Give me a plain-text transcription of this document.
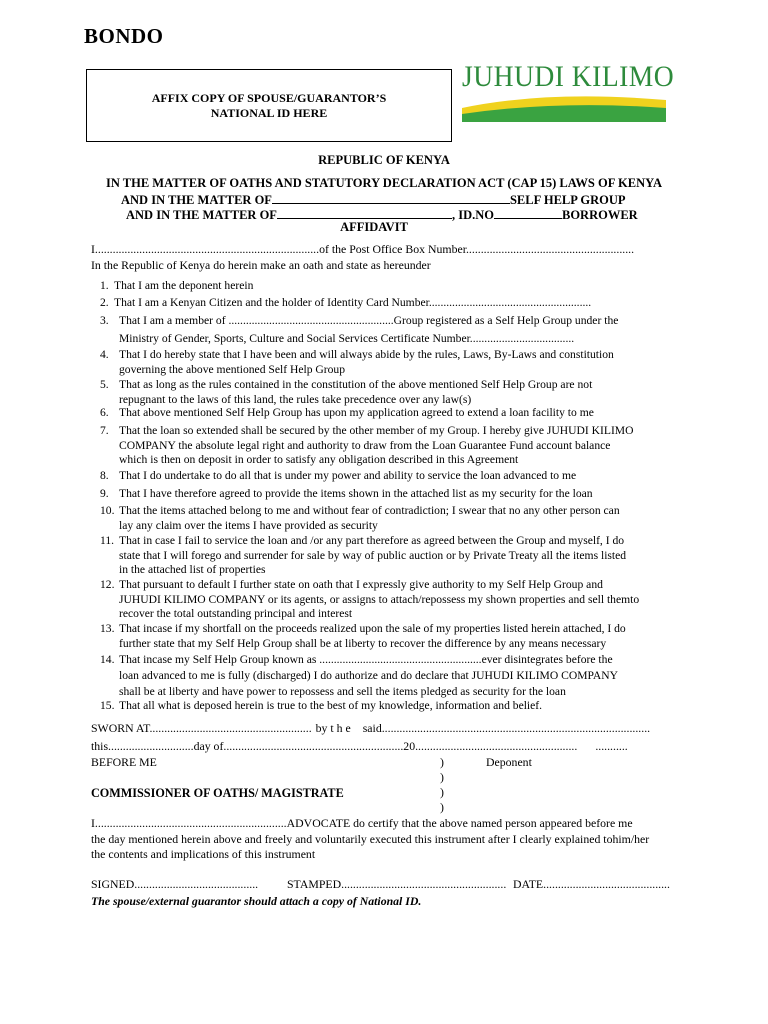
BONDO
AFFIX COPY OF SPOUSE/GUARANTOR’S
NATIONAL ID HERE
JUHUDI KILIMO
REPUBLIC OF KENYA
IN THE MATTER OF OATHS AND STATUTORY DECLARATION ACT (CAP 15) LAWS OF KENYA
AND IN THE MATTER OF	SELF HELP GROUP
AND IN THE MATTER OF	, ID.NO	BORROWER
AFFIDAVIT
I............................................................................of the Post Office Box Number.........................................................
In the Republic of Kenya do herein make an oath and state as hereunder
1. That I am the deponent herein
2. That I am a Kenyan Citizen and the holder of Identity Card Number........................................................
3. That I am a member of .........................................................Group registered as a Self Help Group under the
Ministry of Gender, Sports, Culture and Social Services Certificate Number....................................
4. That I do hereby state that I have been and will always abide by the rules, Laws, By-Laws and constitution
governing the above mentioned Self Help Group
5. That as long as the rules contained in the constitution of the above mentioned Self Help Group are not
repugnant to the laws of this land, the rules take precedence over any law(s)
6. That above mentioned Self Help Group has upon my application agreed to extend a loan facility to me
7. That the loan so extended shall be secured by the other member of my Group. I hereby give JUHUDI KILIMO
COMPANY the absolute legal right and authority to draw from the Loan Guarantee Fund account balance
which is then on deposit in order to satisfy any obligation described in this Agreement
8. That I do undertake to do all that is under my power and ability to service the loan advanced to me
9. That I have therefore agreed to provide the items shown in the attached list as my security for the loan
10. That the items attached belong to me and without fear of contradiction; I swear that no any other person can
lay any claim over the items I have provided as security
11. That in case I fail to service the loan and /or any part therefore as agreed between the Group and myself, I do
state that I will forego and surrender for sale by way of public auction or by Private Treaty all the items listed
in the attached list of properties
12. That pursuant to default I further state on oath that I expressly give authority to my Self Help Group and
JUHUDI KILIMO COMPANY or its agents, or assigns to attach/repossess my shown properties and sell themto
recover the total outstanding principal and interest
13. That incase if my shortfall on the proceeds realized upon the sale of my properties listed herein attached, I do
further state that my Self Help Group shall be at liberty to recover the difference by any means necessary
14. That incase my Self Help Group known as ........................................................ever disintegrates before the
loan advanced to me is fully (discharged) I do authorize and do declare that JUHUDI KILIMO COMPANY
shall be at liberty and have power to repossess and sell the items pledged as security for the loan
15. That all what is deposed herein is true to the best of my knowledge, information and belief.
SWORN AT....................................................... by t h e said...........................................................................................
this.............................day of.............................................................20....................................................... ...........
BEFORE ME	Deponent
)
)
)
)
COMMISSIONER OF OATHS/ MAGISTRATE
I.................................................................ADVOCATE do certify that the above named person appeared before me
the day mentioned herein above and freely and voluntarily executed this instrument after I clearly explained tohim/her
the contents and implications of this instrument
SIGNED.......................................... STAMPED........................................................ DATE...........................................
The spouse/external guarantor should attach a copy of National ID.
